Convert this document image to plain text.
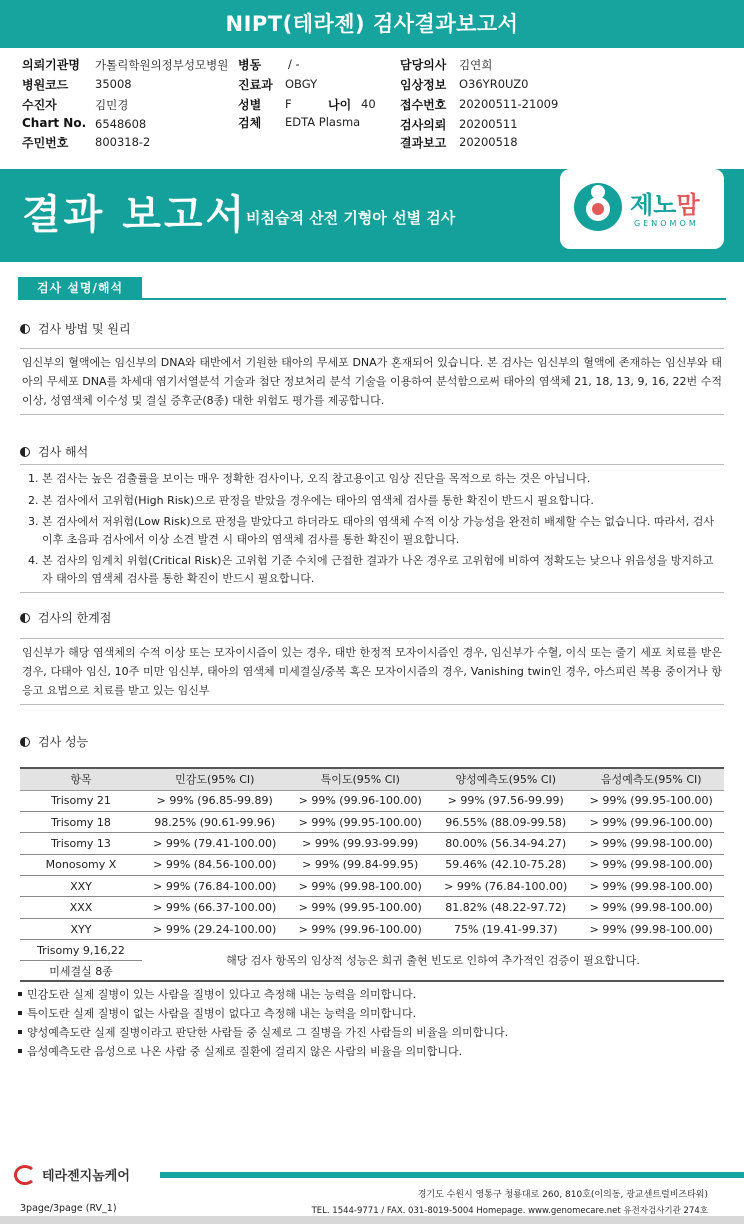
NIPT(테라젠) 검사결과보고서
의뢰기관명 가톨릭학원의정부성모병원 병동 / -	담당의사 김연희
병원코드 35008	진료과 OBGY	임상정보 O36YR0UZ0
수진자	김민경	성별 F	나이 40 접수번호 20200511-21009
Chart No. 6548608	검체 EDTA Plasma	검사의뢰 20200511
주민번호 800318-2	결과보고 20200518
결과 보고서
비침습적 산전 기형아 선별 검사	제노맘
GENOMOM
검사 설명/해석
검사 방법 및 원리
임신부의 혈액에는 임신부의 DNA와 태반에서 기원한 태아의 무세포 DNA가 혼재되어 있습니다. 본 검사는 임신부의 혈액에 존재하는 임신부와 태아의 무세포 DNA를 차세대 염기서열분석 기술과 첨단 정보처리 분석 기술을 이용하여 분석함으로써 태아의 염색체 21, 18, 13, 9, 16, 22번 수적 이상, 성염색체 이수성 및 결실 증후군(8종) 대한 위험도 평가를 제공합니다.
검사 해석
1. 본 검사는 높은 검출률을 보이는 매우 정확한 검사이나, 오직 참고용이고 임상 진단을 목적으로 하는 것은 아닙니다.
2. 본 검사에서 고위험(High Risk)으로 판정을 받았을 경우에는 태아의 염색체 검사를 통한 확진이 반드시 필요합니다.
3. 본 검사에서 저위험(Low Risk)으로 판정을 받았다고 하더라도 태아의 염색체 수적 이상 가능성을 완전히 배제할 수는 없습니다. 따라서, 검사 이후 초음파 검사에서 이상 소견 발견 시 태아의 염색체 검사를 통한 확진이 필요합니다.
4. 본 검사의 임계치 위험(Critical Risk)은 고위험 기준 수치에 근접한 결과가 나온 경우로 고위험에 비하여 정확도는 낮으나 위음성을 방지하고자 태아의 염색체 검사를 통한 확진이 반드시 필요합니다.
검사의 한계점
임신부가 해당 염색체의 수적 이상 또는 모자이시즘이 있는 경우, 태반 한정적 모자이시즘인 경우, 임신부가 수혈, 이식 또는 줄기 세포 치료를 받은 경우, 다태아 임신, 10주 미만 임신부, 태아의 염색체 미세결실/중복 혹은 모자이시즘의 경우, Vanishing twin인 경우, 아스피린 복용 중이거나 항 응고 요법으로 치료를 받고 있는 임신부
검사 성능
항목	민감도(95% CI)	특이도(95% CI)	양성예측도(95% CI)	음성예측도(95% CI)
Trisomy 21	> 99% (96.85-99.89)	> 99% (99.96-100.00)	> 99% (97.56-99.99)	> 99% (99.95-100.00)
Trisomy 18	98.25% (90.61-99.96)	> 99% (99.95-100.00)	96.55% (88.09-99.58)	> 99% (99.96-100.00)
Trisomy 13	> 99% (79.41-100.00)	> 99% (99.93-99.99)	80.00% (56.34-94.27)	> 99% (99.98-100.00)
Monosomy X	> 99% (84.56-100.00)	> 99% (99.84-99.95)	59.46% (42.10-75.28)	> 99% (99.98-100.00)
XXY	> 99% (76.84-100.00)	> 99% (99.98-100.00)	> 99% (76.84-100.00)	> 99% (99.98-100.00)
XXX	> 99% (66.37-100.00)	> 99% (99.95-100.00)	81.82% (48.22-97.72)	> 99% (99.98-100.00)
XYY	> 99% (29.24-100.00)	> 99% (99.96-100.00)	75% (19.41-99.37)	> 99% (99.98-100.00)
Trisomy 9,16,22
미세결실 8종
해당 검사 항목의 임상적 성능은 희귀 출현 빈도로 인하여 추가적인 검증이 필요합니다.
민감도란 실제 질병이 있는 사람을 질병이 있다고 측정해 내는 능력을 의미합니다.
특이도란 실제 질병이 없는 사람을 질병이 없다고 측정해 내는 능력을 의미합니다.
양성예측도란 실제 질병이라고 판단한 사람들 중 실제로 그 질병을 가진 사람들의 비율을 의미합니다.
음성예측도란 음성으로 나온 사람 중 실제로 질환에 걸리지 않은 사람의 비율을 의미합니다.
테라젠지놈케어
경기도 수원시 영통구 청룡대로 260, 810호(이의동, 광교센트럴비즈타워)
3page/3page (RV_1)	TEL. 1544-9771 / FAX. 031-8019-5004 Homepage. www.genomecare.net 유전자검사기관 274호
